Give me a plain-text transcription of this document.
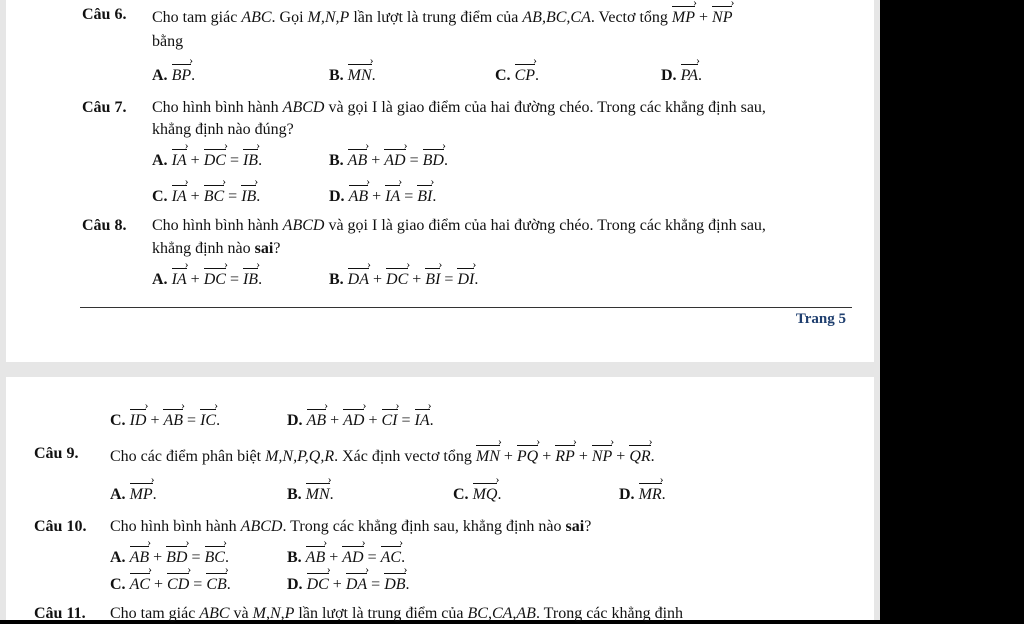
Câu 6. Cho tam giác ABC. Gọi M,N,P lần lượt là trung điểm của AB,BC,CA. Vectơ tổng › MP + › NP
bằng
A. › BP.	B. › MN.	C. › CP.	D. › PA.
Câu 7. Cho hình bình hành ABCD và gọi I là giao điểm của hai đường chéo. Trong các khẳng định sau,
khẳng định nào đúng?
A. › IA + › DC = › IB.	B. › AB + › AD = › BD.
C. › IA + › BC = › IB.	D. › AB + › IA = › BI.
Câu 8. Cho hình bình hành ABCD và gọi I là giao điểm của hai đường chéo. Trong các khẳng định sau,
khẳng định nào sai?
A. › IA + › DC = › IB.	B. › DA + › DC + › BI = › DI.
Trang 5
C. › ID + › AB = › IC.	D. › AB + › AD + › CI = › IA.
Câu 9. Cho các điểm phân biệt M,N,P,Q,R. Xác định vectơ tổng › MN + › PQ + › RP + › NP + › QR.
A. › MP.	B. › MN.	C. › MQ.	D. › MR.
Câu 10. Cho hình bình hành ABCD. Trong các khẳng định sau, khẳng định nào sai?
A. › AB + › BD = › BC.	B. › AB + › AD = › AC.
C. › AC + › CD = › CB.	D. › DC + › DA = › DB.
Câu 11. Cho tam giác ABC và M,N,P lần lượt là trung điểm của BC,CA,AB. Trong các khẳng định
